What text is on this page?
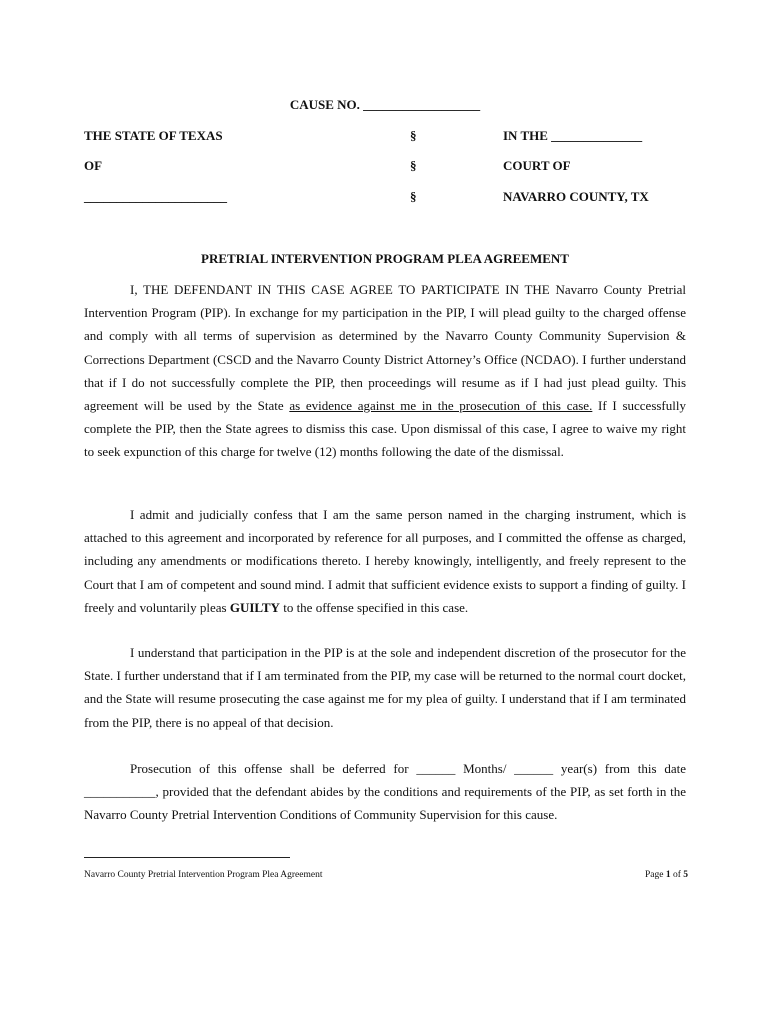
CAUSE NO. __________________
THE STATE OF TEXAS	§	IN THE ______________
OF	§	COURT OF
______________________	§	NAVARRO COUNTY, TX
PRETRIAL INTERVENTION PROGRAM PLEA AGREEMENT

I, THE DEFENDANT IN THIS CASE AGREE TO PARTICIPATE IN THE Navarro County Pretrial Intervention Program (PIP). In exchange for my participation in the PIP, I will plead guilty to the charged offense and comply with all terms of supervision as determined by the Navarro County Community Supervision & Corrections Department (CSCD and the Navarro County District Attorney’s Office (NCDAO). I further understand that if I do not successfully complete the PIP, then proceedings will resume as if I had just plead guilty. This agreement will be used by the State as evidence against me in the prosecution of this case. If I successfully complete the PIP, then the State agrees to dismiss this case. Upon dismissal of this case, I agree to waive my right to seek expunction of this charge for twelve (12) months following the date of the dismissal.

I admit and judicially confess that I am the same person named in the charging instrument, which is attached to this agreement and incorporated by reference for all purposes, and I committed the offense as charged, including any amendments or modifications thereto. I hereby knowingly, intelligently, and freely represent to the Court that I am of competent and sound mind. I admit that sufficient evidence exists to support a finding of guilty. I freely and voluntarily pleas GUILTY to the offense specified in this case.

I understand that participation in the PIP is at the sole and independent discretion of the prosecutor for the State. I further understand that if I am terminated from the PIP, my case will be returned to the normal court docket, and the State will resume prosecuting the case against me for my plea of guilty. I understand that if I am terminated from the PIP, there is no appeal of that decision.

Prosecution of this offense shall be deferred for ______ Months/ ______ year(s) from this date ___________, provided that the defendant abides by the conditions and requirements of the PIP, as set forth in the Navarro County Pretrial Intervention Conditions of Community Supervision for this cause.

Navarro County Pretrial Intervention Program Plea Agreement	Page 1 of 5
